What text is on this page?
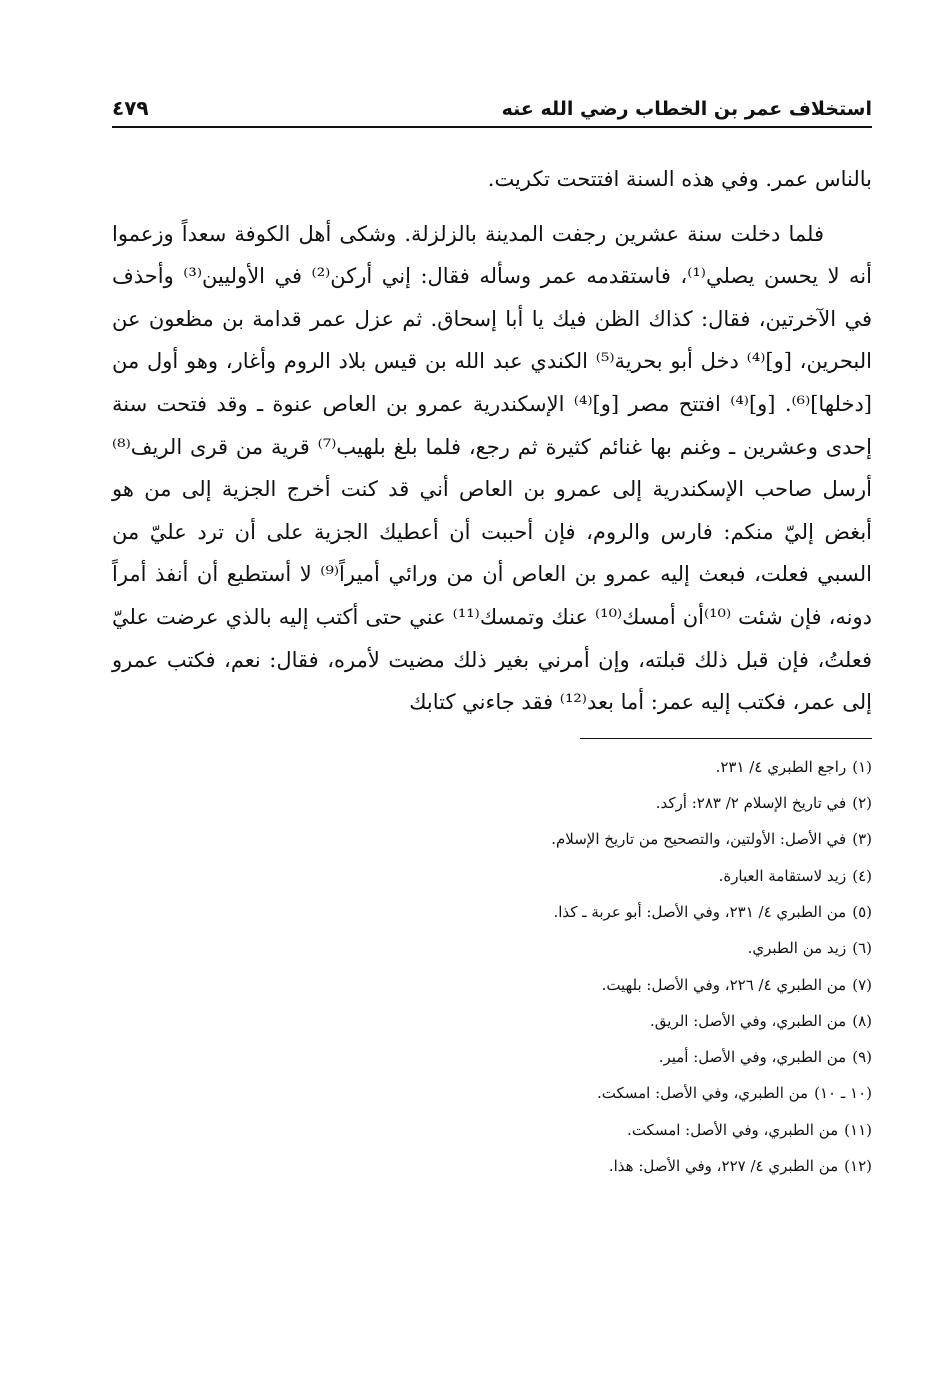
استخلاف عمر بن الخطاب رضي الله عنه
٤٧٩

بالناس عمر. وفي هذه السنة افتتحت تكريت.

فلما دخلت سنة عشرين رجفت المدينة بالزلزلة. وشكى أهل الكوفة سعداً وزعموا أنه لا يحسن يصلي⁽¹⁾، فاستقدمه عمر وسأله فقال: إني أركن⁽²⁾ في الأوليين⁽³⁾ وأحذف في الآخرتين، فقال: كذاك الظن فيك يا أبا إسحاق. ثم عزل عمر قدامة بن مظعون عن البحرين، [و]⁽⁴⁾ دخل أبو بحرية⁽⁵⁾ الكندي عبد الله بن قيس بلاد الروم وأغار، وهو أول من [دخلها]⁽⁶⁾. [و]⁽⁴⁾ افتتح مصر [و]⁽⁴⁾ الإسكندرية عمرو بن العاص عنوة ـ وقد فتحت سنة إحدى وعشرين ـ وغنم بها غنائم كثيرة ثم رجع، فلما بلغ بلهيب⁽⁷⁾ قرية من قرى الريف⁽⁸⁾ أرسل صاحب الإسكندرية إلى عمرو بن العاص أني قد كنت أخرج الجزية إلى من هو أبغض إليّ منكم: فارس والروم، فإن أحببت أن أعطيك الجزية على أن ترد عليّ من السبي فعلت، فبعث إليه عمرو بن العاص أن من ورائي أميراً⁽⁹⁾ لا أستطيع أن أنفذ أمراً دونه، فإن شئت ⁽¹⁰⁾أن أمسك⁽¹⁰⁾ عنك وتمسك⁽¹¹⁾ عني حتى أكتب إليه بالذي عرضت عليّ فعلتُ، فإن قبل ذلك قبلته، وإن أمرني بغير ذلك مضيت لأمره، فقال: نعم، فكتب عمرو إلى عمر، فكتب إليه عمر: أما بعد⁽¹²⁾ فقد جاءني كتابك

(١)راجع الطبري ٤/ ٢٣١.
(٢)في تاريخ الإسلام ٢/ ٢٨٣: أركد.
(٣)في الأصل: الأولتين، والتصحيح من تاريخ الإسلام.
(٤)زيد لاستقامة العبارة.
(٥)من الطبري ٤/ ٢٣١، وفي الأصل: أبو عربة ـ كذا.
(٦)زيد من الطبري.
(٧)من الطبري ٤/ ٢٢٦، وفي الأصل: بلهيت.
(٨)من الطبري، وفي الأصل: الريق.
(٩)من الطبري، وفي الأصل: أمير.
(١٠ ـ ١٠)من الطبري، وفي الأصل: امسكت.
(١١)من الطبري، وفي الأصل: امسكت.
(١٢)من الطبري ٤/ ٢٢٧، وفي الأصل: هذا.
